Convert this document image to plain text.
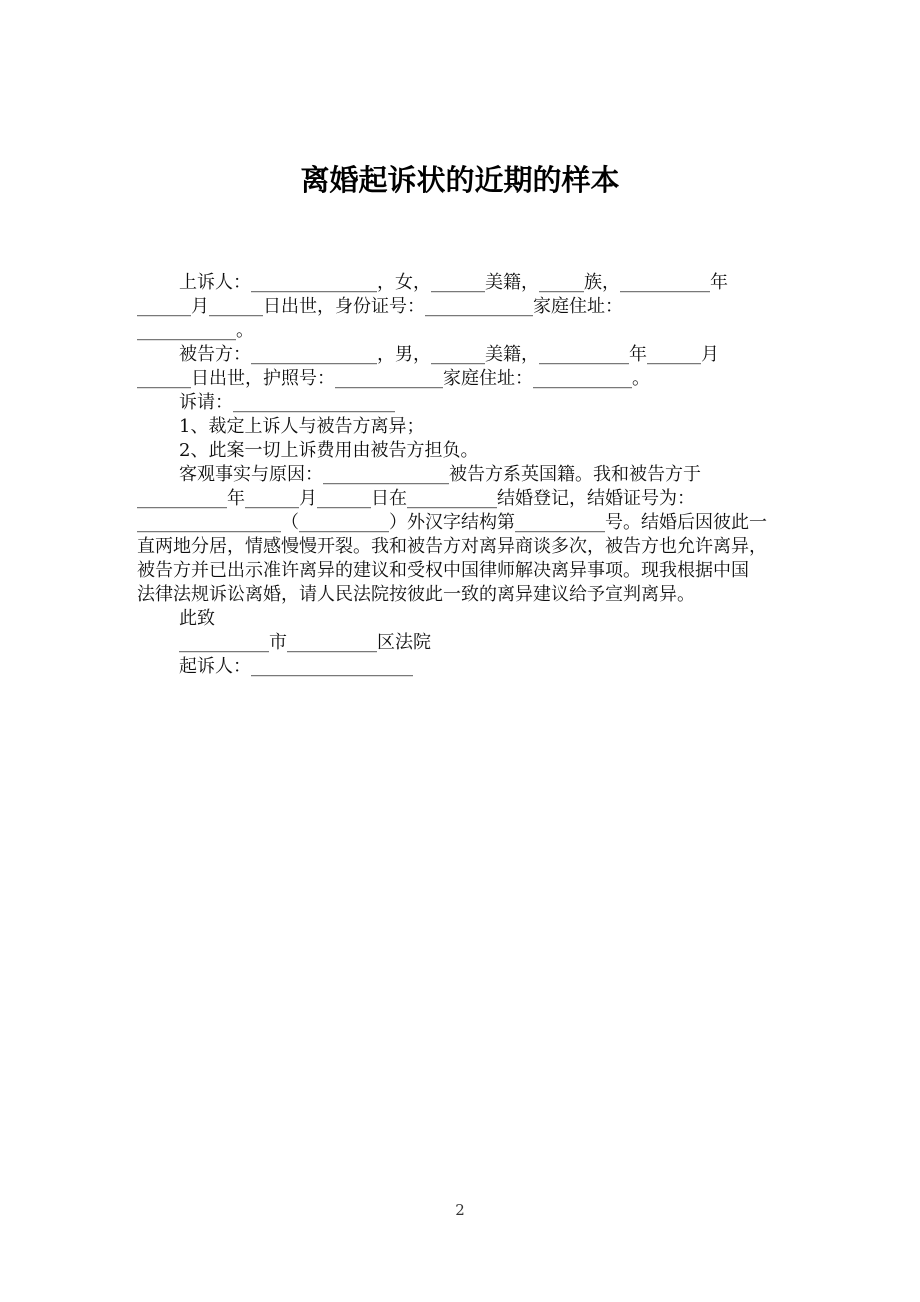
离婚起诉状的近期的样本

上诉人：______________，女，______美籍，_____族，__________年

______月______日出世，身份证号：____________家庭住址：

___________。

被告方：______________，男，______美籍，__________年______月

______日出世，护照号：____________家庭住址：___________。

诉请：__________________

1、裁定上诉人与被告方离异；

2、此案一切上诉费用由被告方担负。

客观事实与原因：______________被告方系英国籍。我和被告方于

__________年______月______日在__________结婚登记，结婚证号为：

________________（__________）外汉字结构第__________号。结婚后因彼此一

直两地分居，情感慢慢开裂。我和被告方对离异商谈多次，被告方也允许离异，

被告方并已出示准许离异的建议和受权中国律师解决离异事项。现我根据中国

法律法规诉讼离婚，请人民法院按彼此一致的离异建议给予宣判离异。

此致

__________市__________区法院

起诉人：__________________

2
